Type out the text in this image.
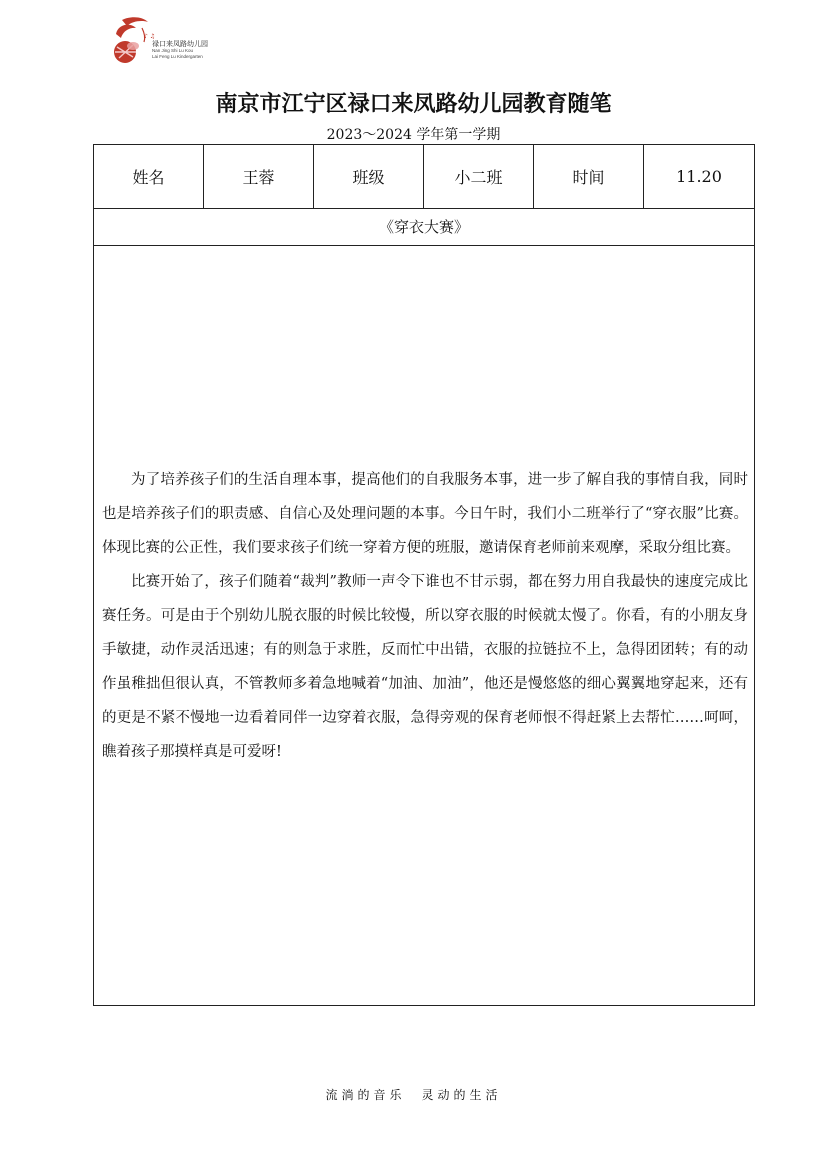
♪ ♫
禄口来凤路幼儿园
Nan Jing Shi Lu Kou
Lai Feng Lu Kindergarten
南京市江宁区禄口来凤路幼儿园教育随笔
2023～2024 学年第一学期
姓名	王蓉	班级	小二班	时间	11.20
《穿衣大赛》

为了培养孩子们的生活自理本事，提高他们的自我服务本事，进一步了解自我的事情自我，同时也是培养孩子们的职责感、自信心及处理问题的本事。今日午时，我们小二班举行了“穿衣服”比赛。体现比赛的公正性，我们要求孩子们统一穿着方便的班服，邀请保育老师前来观摩，采取分组比赛。

比赛开始了，孩子们随着“裁判”教师一声令下谁也不甘示弱，都在努力用自我最快的速度完成比赛任务。可是由于个别幼儿脱衣服的时候比较慢，所以穿衣服的时候就太慢了。你看，有的小朋友身手敏捷，动作灵活迅速；有的则急于求胜，反而忙中出错，衣服的拉链拉不上，急得团团转；有的动作虽稚拙但很认真，不管教师多着急地喊着“加油、加油”，他还是慢悠悠的细心翼翼地穿起来，还有的更是不紧不慢地一边看着同伴一边穿着衣服，急得旁观的保育老师恨不得赶紧上去帮忙……呵呵，瞧着孩子那摸样真是可爱呀!

流淌的音乐　灵动的生活
